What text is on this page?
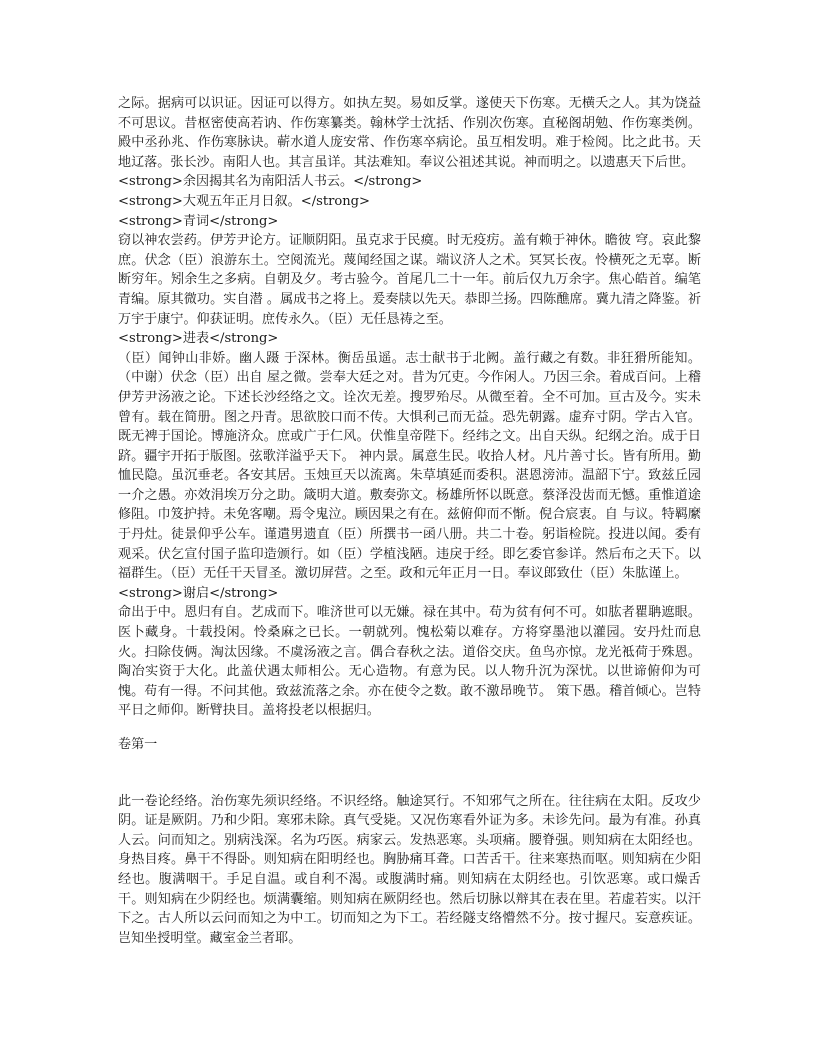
之际。据病可以识证。因证可以得方。如执左契。易如反掌。遂使天下伤寒。无横夭之人。其为饶益不可思议。昔枢密使高若讷、作伤寒纂类。翰林学士沈括、作别次伤寒。直秘阁胡勉、作伤寒类例。殿中丞孙兆、作伤寒脉诀。蕲水道人庞安常、作伤寒卒病论。虽互相发明。难于检阅。比之此书。天地辽落。张长沙。南阳人也。其言虽详。其法难知。奉议公祖述其说。神而明之。以遗惠天下后世。

<strong>余因揭其名为南阳活人书云。</strong>

<strong>大观五年正月日叙。</strong>

<strong>青词</strong>

窃以神农尝药。伊芳尹论方。证顺阴阳。虽克求于民瘼。时无疫疠。盖有赖于神休。瞻彼 穹。哀此黎庶。伏念（臣）浪游东土。空阅流光。蔑闻经国之谋。端议济人之术。冥冥长夜。怜横死之无辜。断断穷年。矧余生之多病。自朝及夕。考古验今。首尾几二十一年。前后仅九万余字。焦心皓首。编笔青编。原其微功。实自潜 。属成书之将上。爰奏牍以先天。恭即兰扬。四陈醮席。冀九清之降鉴。祈万宇于康宁。仰获证明。庶传永久。（臣）无任恳祷之至。

<strong>进表</strong>

（臣）闻钟山非娇。幽人蹑 于深林。衡岳虽遥。志士献书于北阙。盖行藏之有数。非狂猾所能知。（中谢）伏念（臣）出自 屋之微。尝奉大廷之对。昔为冗吏。今作闲人。乃因三余。着成百问。上稽伊芳尹汤液之论。下述长沙经络之文。诠次无差。搜罗殆尽。从微至着。全不可加。亘古及今。实未曾有。载在简册。图之丹青。思欲胶口而不传。大惧利己而无益。恐先朝露。虚弃寸阴。学古入官。既无裨于国论。博施济众。庶或广于仁风。伏惟皇帝陛下。经纬之文。出自天纵。纪纲之治。成于日跻。疆宇开拓于版图。弦歌洋溢乎天下。 神内景。属意生民。收拾人材。凡片善寸长。皆有所用。勤恤民隐。虽沉垂老。各安其居。玉烛亘天以流离。朱草填延而委积。湛恩滂沛。温韶下宁。致兹丘园一介之愚。亦效涓埃万分之助。箴明大道。敷奏弥文。杨雄所怀以既意。蔡泽没齿而无憾。重惟道途修阻。巾笈护持。未免客嘲。焉令鬼泣。顾因果之有在。兹俯仰而不惭。倪合宸衷。自 与议。特羁縻于丹灶。徒景仰乎公车。谨遣男遗直（臣）所撰书一函八册。共二十卷。躬诣检院。投进以闻。委有观采。伏乞宣付国子监印造颁行。如（臣）学植浅陋。违戾于经。即乞委官参详。然后布之天下。以福群生。（臣）无任干天冒圣。激切屏营。之至。政和元年正月一日。奉议郎致仕（臣）朱肱谨上。

<strong>谢启</strong>

命出于中。恩归有自。艺成而下。唯济世可以无嫌。禄在其中。苟为贫有何不可。如肱者瞿聃遮眼。医卜藏身。十载投闲。怜桑麻之已长。一朝就列。愧松菊以难存。方将穿墨池以灌园。安丹灶而息火。扫除伎俩。淘汰因缘。不虞汤液之言。偶合春秋之法。道俗交庆。鱼鸟亦惊。龙光袛荷于殊恩。陶冶实资于大化。此盖伏遇太师相公。无心造物。有意为民。以人物升沉为深忧。以世谛俯仰为可愧。苟有一得。不问其他。致兹流落之余。亦在使令之数。敢不激昂晚节。 策下愚。稽首倾心。岂特平日之师仰。断臂抉目。盖将投老以根据归。

卷第一

此一卷论经络。治伤寒先须识经络。不识经络。触途冥行。不知邪气之所在。往往病在太阳。反攻少阴。证是厥阴。乃和少阳。寒邪未除。真气受毙。又况伤寒看外证为多。未诊先问。最为有准。孙真人云。问而知之。别病浅深。名为巧医。病家云。发热恶寒。头项痛。腰脊强。则知病在太阳经也。身热目疼。鼻干不得卧。则知病在阳明经也。胸胁痛耳聋。口苦舌干。往来寒热而呕。则知病在少阳经也。腹满咽干。手足自温。或自利不渴。或腹满时痛。则知病在太阴经也。引饮恶寒。或口燥舌干。则知病在少阴经也。烦满囊缩。则知病在厥阴经也。然后切脉以辩其在表在里。若虚若实。以汗下之。古人所以云问而知之为中工。切而知之为下工。若经隧支络懵然不分。按寸握尺。妄意疾证。岂知坐授明堂。藏室金兰者耶。
